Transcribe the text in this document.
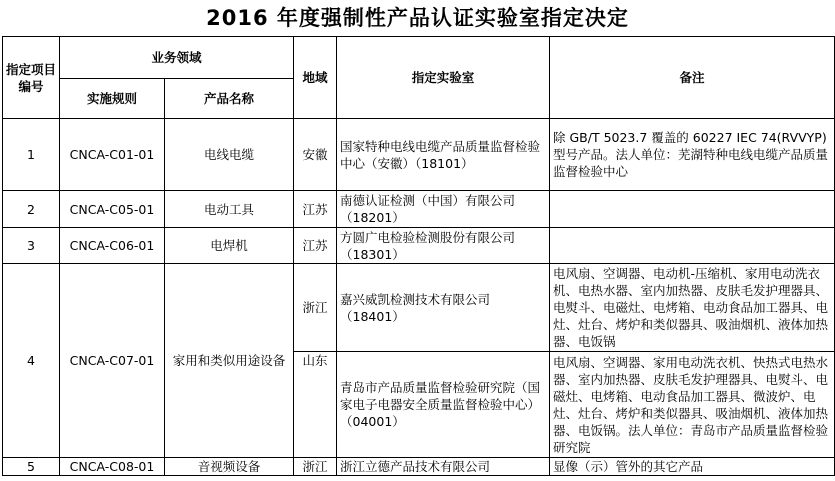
2016 年度强制性产品认证实验室指定决定
指定项目编号	业务领域		地域	指定实验室	备注
	实施规则	产品名称			
1	CNCA-C01-01	电线电缆	安徽	国家特种电线电缆产品质量监督检验中心（安徽）（18101）	除 GB/T 5023.7 覆盖的 60227 IEC 74(RVVYP) 型号产品。法人单位：芜湖特种电线电缆产品质量监督检验中心
2	CNCA-C05-01	电动工具	江苏	南德认证检测（中国）有限公司（18201）	
3	CNCA-C06-01	电焊机	江苏	方圆广电检验检测股份有限公司（18301）	
4	CNCA-C07-01	家用和类似用途设备	浙江	嘉兴威凯检测技术有限公司（18401）	电风扇、空调器、电动机-压缩机、家用电动洗衣机、电热水器、室内加热器、皮肤毛发护理器具、电熨斗、电磁灶、电烤箱、电动食品加工器具、电灶、灶台、烤炉和类似器具、吸油烟机、液体加热器、电饭锅
			山东	青岛市产品质量监督检验研究院（国家电子电器安全质量监督检验中心）（04001）	电风扇、空调器、家用电动洗衣机、快热式电热水器、室内加热器、皮肤毛发护理器具、电熨斗、电磁灶、电烤箱、电动食品加工器具、微波炉、电灶、灶台、烤炉和类似器具、吸油烟机、液体加热器、电饭锅。法人单位：青岛市产品质量监督检验研究院
5	CNCA-C08-01	音视频设备	浙江	浙江立德产品技术有限公司	显像（示）管外的其它产品
